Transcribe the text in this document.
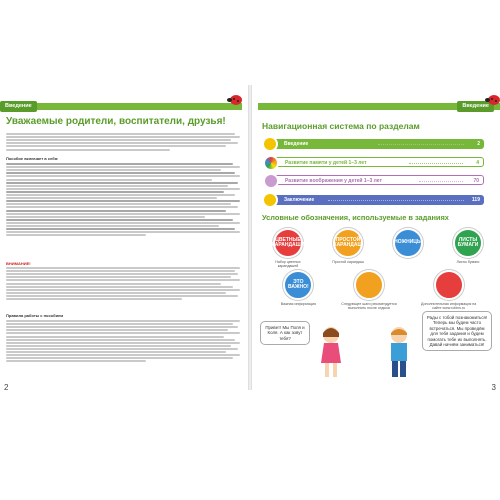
Введение
Уважаемые родители, воспитатели, друзья!
Пособие включает в себя:
ВНИМАНИЕ!
Правила работы с пособием
2
Введение
Навигационная система по разделам
Введение	2
Развитие памяти у детей 1–3 лет	4
Развитие воображения у детей 1–3 лет	70
Заключение	119
Условные обозначения, используемые в заданиях
ЦВЕТНЫЕ КАРАНДАШИ
Набор цветных карандашей
ПРОСТОЙ КАРАНДАШ
Простой карандаш
НОЖНИЦЫ	ЛИСТЫ БУМАГИ
Листы бумаги
ЭТО ВАЖНО!
Важная информация	Следующее шаги рекомендуется выполнять после отдыха
Дополнительная информация на сайте www.robins.ru
Привет! Мы Поля и Коля. А как зовут тебя?
Рады с тобой познакомиться! Теперь мы будем часто встречаться. Мы проведём для тебя задания и будем помогать тебе их выполнять. Давай начнём заниматься!
3
